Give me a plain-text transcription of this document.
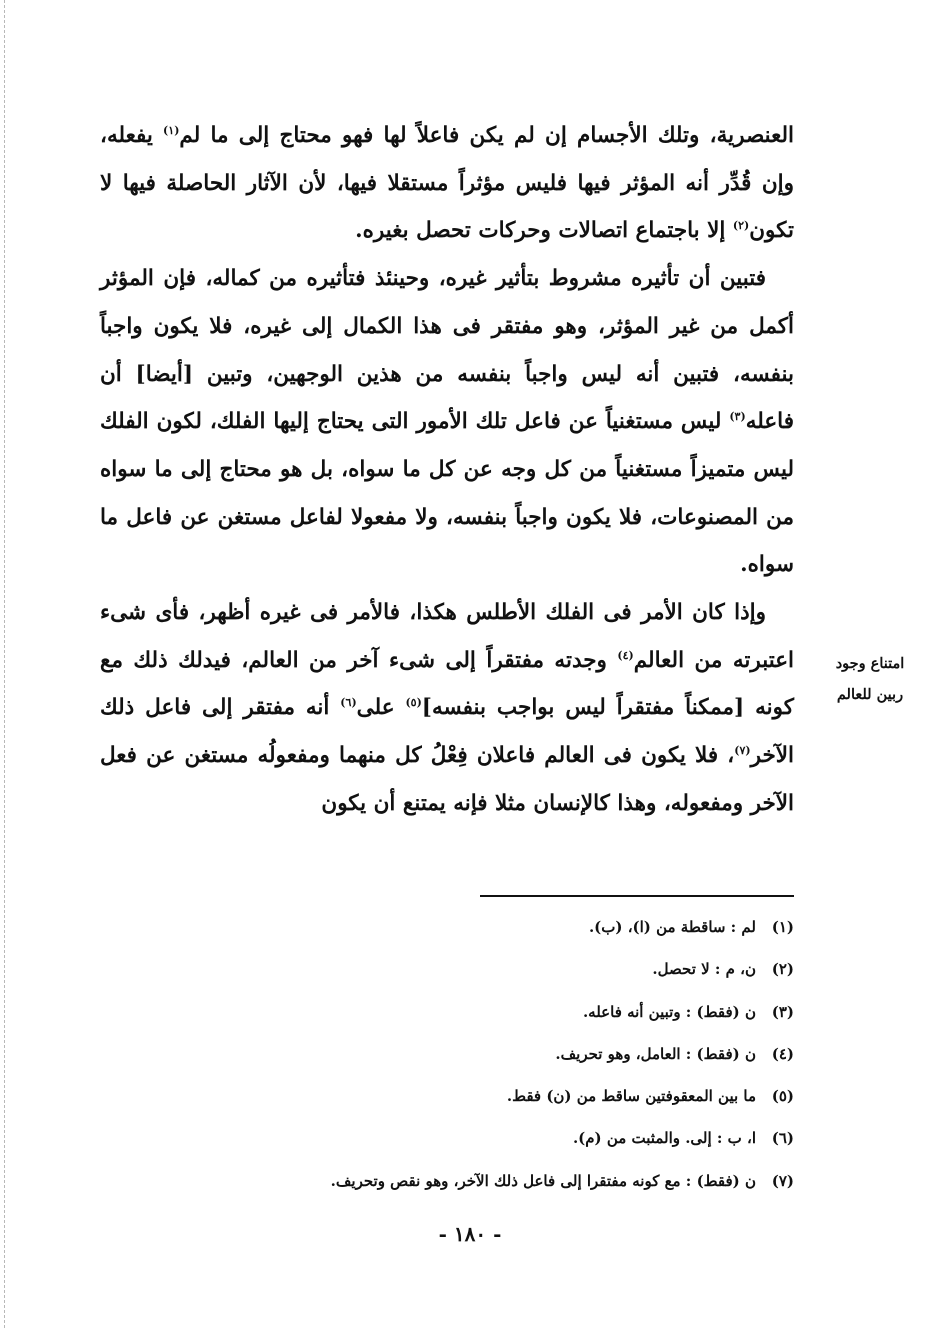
العنصرية، وتلك الأجسام إن لم يكن فاعلاً لها فهو محتاج إلى ما لم$^{(١)}$ يفعله، وإن قُدِّر أنه المؤثر فيها فليس مؤثراً مستقلا فيها، لأن الآثار الحاصلة فيها لا تكون$^{(٢)}$ إلا باجتماع اتصالات وحركات تحصل بغيره.

فتبين أن تأثيره مشروط بتأثير غيره، وحينئذ فتأثيره من كماله، فإن المؤثر أكمل من غير المؤثر، وهو مفتقر فى هذا الكمال إلى غيره، فلا يكون واجباً بنفسه، فتبين أنه ليس واجباً بنفسه من هذين الوجهين، وتبين [أيضا] أن فاعله$^{(٣)}$ ليس مستغنياً عن فاعل تلك الأمور التى يحتاج إليها الفلك، لكون الفلك ليس متميزاً مستغنياً من كل وجه عن كل ما سواه، بل هو محتاج إلى ما سواه من المصنوعات، فلا يكون واجباً بنفسه، ولا مفعولا لفاعل مستغن عن فاعل ما سواه.

وإذا كان الأمر فى الفلك الأطلس هكذا، فالأمر فى غيره أظهر، فأى شىء اعتبرته من العالم$^{(٤)}$ وجدته مفتقراً إلى شىء آخر من العالم، فيدلك ذلك مع كونه [ممكناً مفتقراً ليس بواجب بنفسه]$^{(٥)}$ على$^{(٦)}$ أنه مفتقر إلى فاعل ذلك الآخر$^{(٧)}$، فلا يكون فى العالم فاعلان فِعْلُ كل منهما ومفعولُه مستغن عن فعل الآخر ومفعوله، وهذا كالإنسان مثلا فإنه يمتنع أن يكون

امتناع وجود
ربين للعالم
(١)لم : ساقطة من (ا)، (ب).
(٢)ن، م : لا تحصل.
(٣)ن (فقط) : وتبين أنه فاعله.
(٤)ن (فقط) : العامل، وهو تحريف.
(٥)ما بين المعقوفتين ساقط من (ن) فقط.
(٦)ا، ب : إلى. والمثبت من (م).
(٧)ن (فقط) : مع كونه مفتقرا إلى فاعل ذلك الآخر، وهو نقص وتحريف.
- ١٨٠ -
